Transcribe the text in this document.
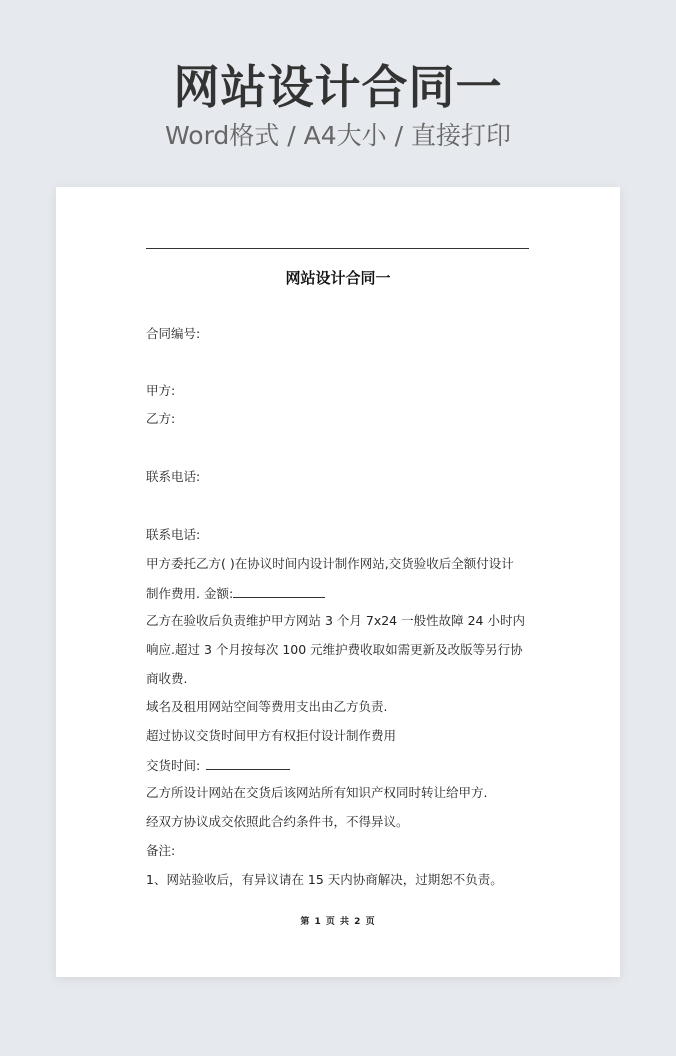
网站设计合同一
Word格式 / A4大小 / 直接打印
网站设计合同一
合同编号:
甲方:
乙方:
联系电话:
联系电话:
甲方委托乙方( )在协议时间内设计制作网站,交货验收后全额付设计
制作费用. 金额:
乙方在验收后负责维护甲方网站 3 个月 7x24 一般性故障 24 小时内
响应.超过 3 个月按每次 100 元维护费收取如需更新及改版等另行协
商收费.
域名及租用网站空间等费用支出由乙方负责.
超过协议交货时间甲方有权拒付设计制作费用
交货时间:
乙方所设计网站在交货后该网站所有知识产权同时转让给甲方.
经双方协议成交依照此合约条件书，不得异议。
备注:
1、网站验收后，有异议请在 15 天内协商解决，过期恕不负责。
第 1 页 共 2 页
